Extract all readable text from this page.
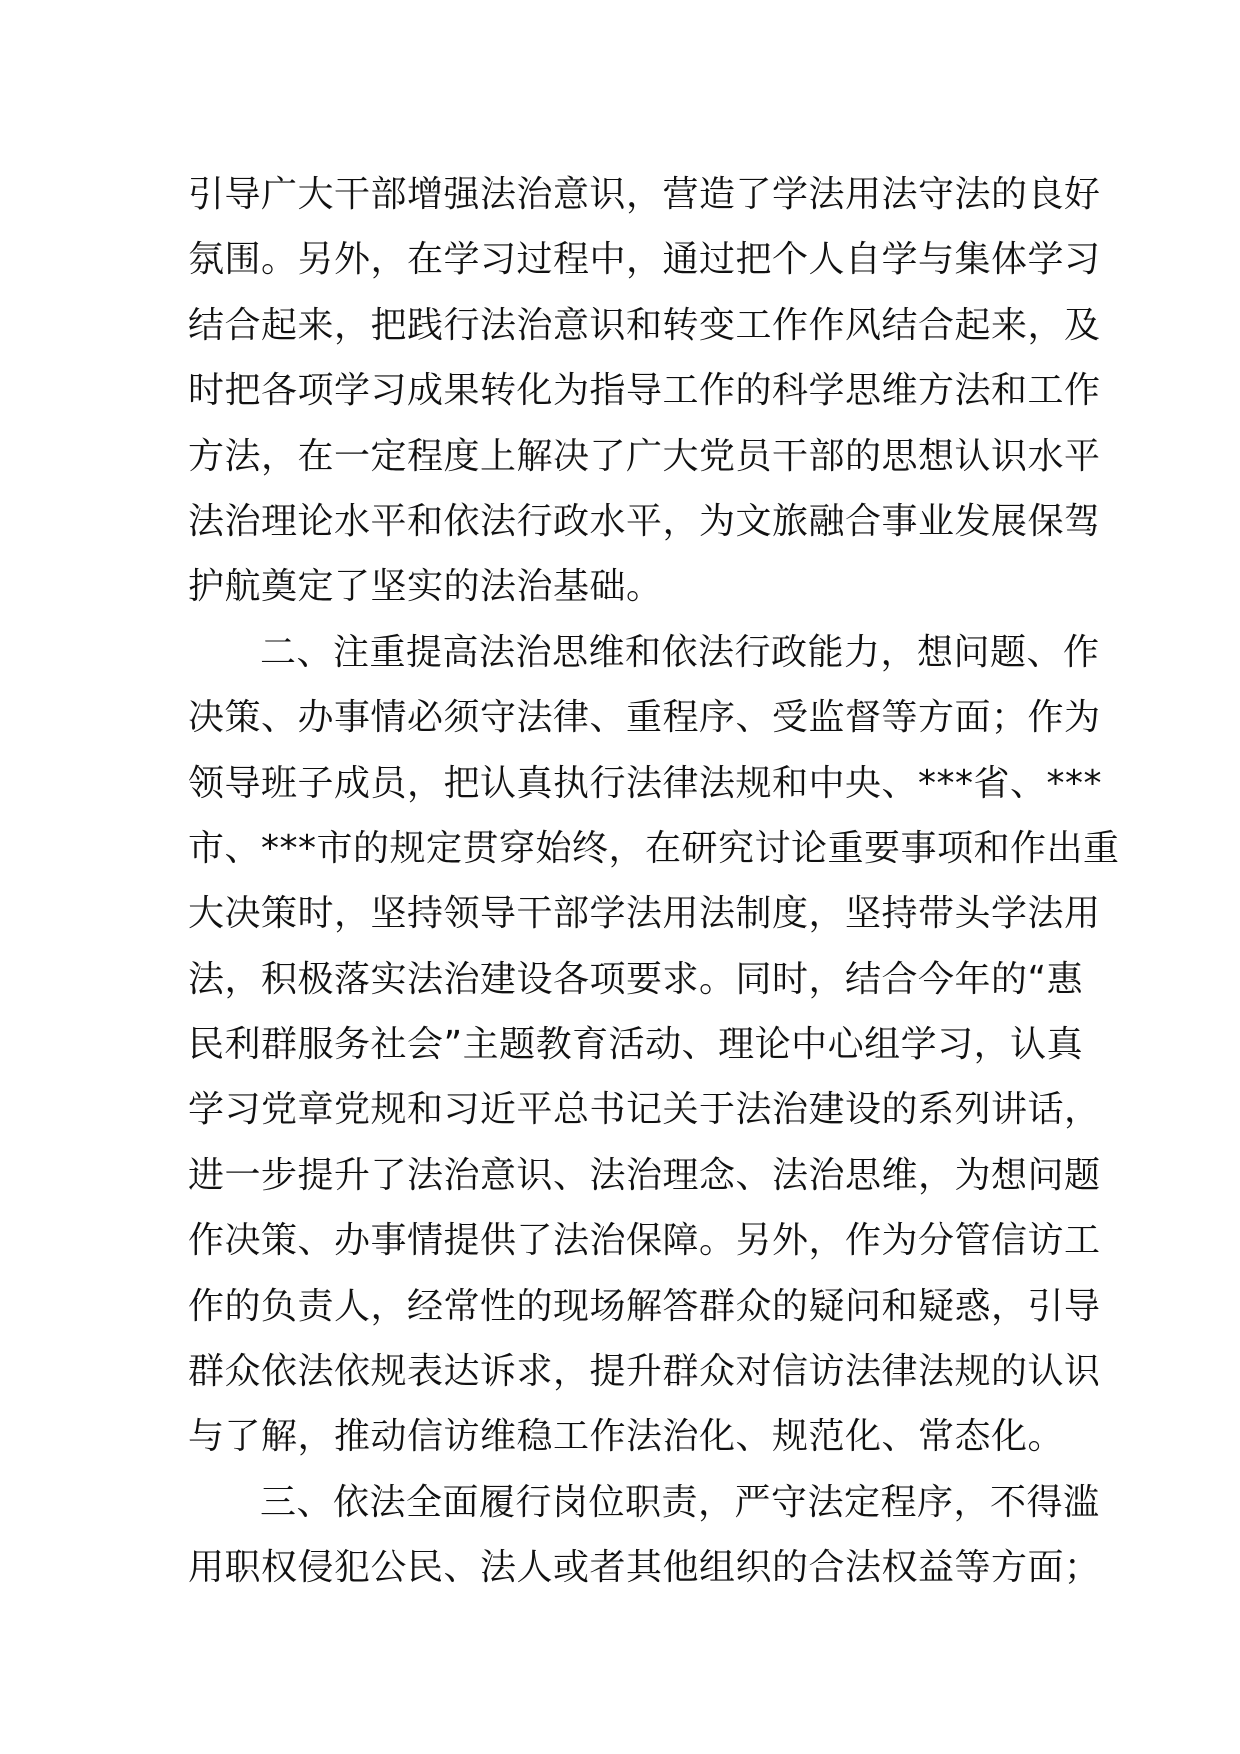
引导广大干部增强法治意识，营造了学法用法守法的良好
氛围。另外，在学习过程中，通过把个人自学与集体学习
结合起来，把践行法治意识和转变工作作风结合起来，及
时把各项学习成果转化为指导工作的科学思维方法和工作
方法，在一定程度上解决了广大党员干部的思想认识水平
法治理论水平和依法行政水平，为文旅融合事业发展保驾
护航奠定了坚实的法治基础。
二、注重提高法治思维和依法行政能力，想问题、作
决策、办事情必须守法律、重程序、受监督等方面；作为
领导班子成员，把认真执行法律法规和中央、***省、***
市、***市的规定贯穿始终，在研究讨论重要事项和作出重
大决策时，坚持领导干部学法用法制度，坚持带头学法用
法，积极落实法治建设各项要求。同时，结合今年的“惠
民利群服务社会”主题教育活动、理论中心组学习，认真
学习党章党规和习近平总书记关于法治建设的系列讲话，
进一步提升了法治意识、法治理念、法治思维，为想问题
作决策、办事情提供了法治保障。另外，作为分管信访工
作的负责人，经常性的现场解答群众的疑问和疑惑，引导
群众依法依规表达诉求，提升群众对信访法律法规的认识
与了解，推动信访维稳工作法治化、规范化、常态化。
三、依法全面履行岗位职责，严守法定程序，不得滥
用职权侵犯公民、法人或者其他组织的合法权益等方面；
